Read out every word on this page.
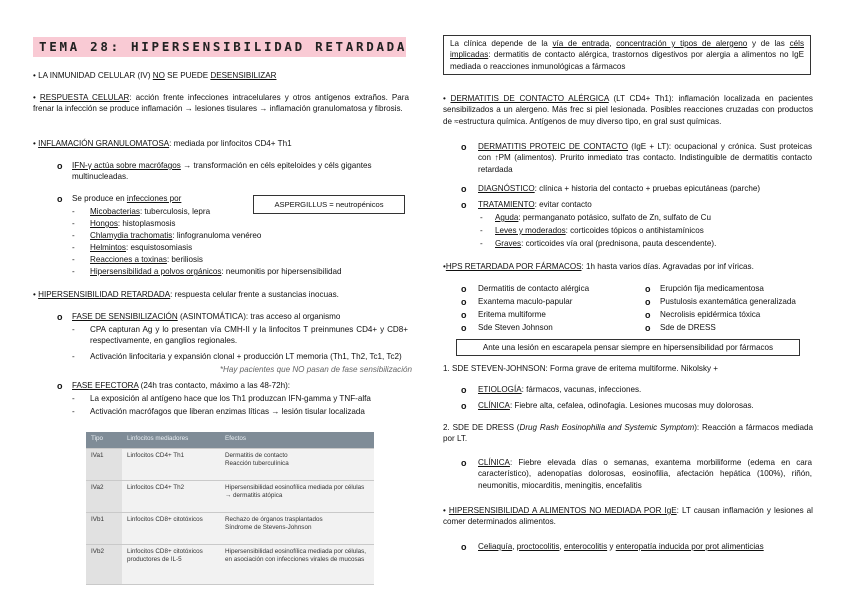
TEMA 28: HIPERSENSIBILIDAD RETARDADA
• LA INMUNIDAD CELULAR (IV) NO SE PUEDE DESENSIBILIZAR
• RESPUESTA CELULAR: acción frente infecciones intracelulares y otros antígenos extraños. Para frenar la infección se produce inflamación → lesiones tisulares → inflamación granulomatosa y fibrosis.
• INFLAMACIÓN GRANULOMATOSA: mediada por linfocitos CD4+ Th1
o IFN-γ actúa sobre macrófagos → transformación en céls epiteloides y céls gigantes multinucleadas.
o Se produce en infecciones por
ASPERGILLUS = neutropénicos
- Micobacterias: tuberculosis, lepra
- Hongos: histoplasmosis
- Chlamydia trachomatis: linfogranuloma venéreo
- Helmintos: esquistosomiasis
- Reacciones a toxinas: beriliosis
- Hipersensibilidad a polvos orgánicos: neumonitis por hipersensibilidad
• HIPERSENSIBILIDAD RETARDADA: respuesta celular frente a sustancias inocuas.
o FASE DE SENSIBILIZACIÓN (ASINTOMÁTICA): tras acceso al organismo
- CPA capturan Ag y lo presentan vía CMH-II y la linfocitos T preinmunes CD4+ y CD8+ respectivamente, en ganglios regionales.
- Activación linfocitaria y expansión clonal + producción LT memoria (Th1, Th2, Tc1, Tc2)
*Hay pacientes que NO pasan de fase sensibilización
o FASE EFECTORA (24h tras contacto, máximo a las 48-72h):
- La exposición al antígeno hace que los Th1 produzcan IFN-gamma y TNF-alfa
- Activación macrófagos que liberan enzimas líticas → lesión tisular localizada
Tipo	Linfocitos mediadores	Efectos
IVa1	Linfocitos CD4+ Th1	Dermatitis de contacto
Reacción tuberculínica
IVa2	Linfocitos CD4+ Th2	Hipersensibilidad eosinofílica mediada por células → dermatitis atópica
IVb1	Linfocitos CD8+ citotóxicos	Rechazo de órganos trasplantados
Síndrome de Stevens-Johnson
IVb2	Linfocitos CD8+ citotóxicos productores de IL-5	Hipersensibilidad eosinofílica mediada por células, en asociación con infecciones virales de mucosas
La clínica depende de la vía de entrada, concentración y tipos de alergeno y de las céls implicadas: dermatitis de contacto alérgica, trastornos digestivos por alergia a alimentos no IgE mediada o reacciones inmunológicas a fármacos
• DERMATITIS DE CONTACTO ALÉRGICA (LT CD4+ Th1): inflamación localizada en pacientes sensibilizados a un alergeno. Más frec si piel lesionada. Posibles reacciones cruzadas con productos de ≈estructura química. Antígenos de muy diverso tipo, en gral sust químicas.
o DERMATITIS PROTEIC DE CONTACTO (IgE + LT): ocupacional y crónica. Sust proteicas con ↑PM (alimentos). Prurito inmediato tras contacto. Indistinguible de dermatitis contacto retardada
o DIAGNÓSTICO: clínica + historia del contacto + pruebas epicutáneas (parche)
o TRATAMIENTO: evitar contacto
- Aguda: permanganato potásico, sulfato de Zn, sulfato de Cu
- Leves y moderados: corticoides tópicos o antihistamínicos
- Graves: corticoides vía oral (prednisona, pauta descendente).
•HPS RETARDADA POR FÁRMACOS: 1h hasta varios días. Agravadas por inf víricas.
o Dermatitis de contacto alérgica
o Exantema maculo-papular
o Eritema multiforme
o Sde Steven Johnson
o Erupción fija medicamentosa
o Pustulosis exantemática generalizada
o Necrolisis epidérmica tóxica
o Sde de DRESS
Ante una lesión en escarapela pensar siempre en hipersensibilidad por fármacos
1. SDE STEVEN-JOHNSON: Forma grave de eritema multiforme. Nikolsky +
o ETIOLOGÍA: fármacos, vacunas, infecciones.
o CLÍNICA: Fiebre alta, cefalea, odinofagia. Lesiones mucosas muy dolorosas.
2. SDE DE DRESS (Drug Rash Eosinophilia and Systemic Symptom): Reacción a fármacos mediada por LT.
o CLÍNICA: Fiebre elevada días o semanas, exantema morbiliforme (edema en cara característico), adenopatías dolorosas, eosinofilia, afectación hepática (100%), riñón, neumonitis, miocarditis, meningitis, encefalitis
• HIPERSENSIBILIDAD A ALIMENTOS NO MEDIADA POR IgE: LT causan inflamación y lesiones al comer determinados alimentos.
o Celiaquía, proctocolitis, enterocolitis y enteropatía inducida por prot alimenticias
